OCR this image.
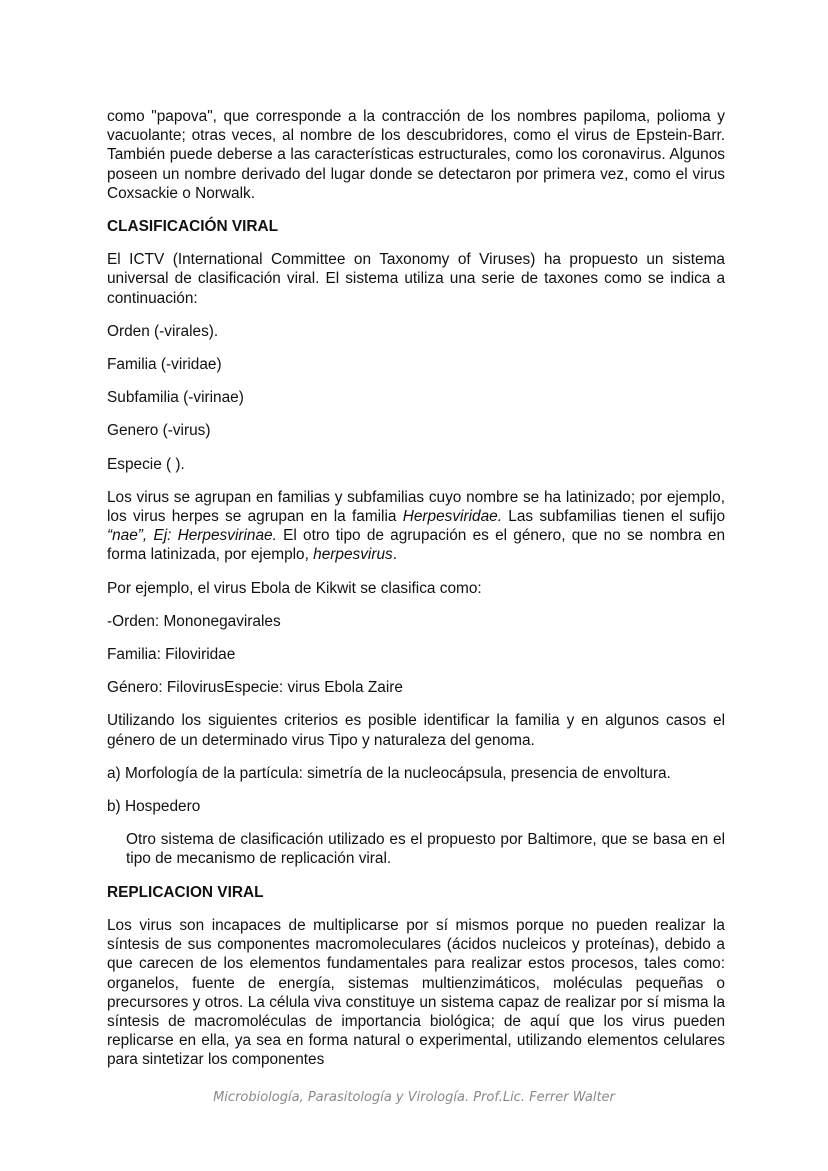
como "papova", que corresponde a la contracción de los nombres papiloma, polioma y vacuolante; otras veces, al nombre de los descubridores, como el virus de Epstein-Barr. También puede deberse a las características estructurales, como los coronavirus. Algunos poseen un nombre derivado del lugar donde se detectaron por primera vez, como el virus Coxsackie o Norwalk.

CLASIFICACIÓN VIRAL

El ICTV (International Committee on Taxonomy of Viruses) ha propuesto un sistema universal de clasificación viral. El sistema utiliza una serie de taxones como se indica a continuación:

Orden (-virales).

Familia (-viridae)

Subfamilia (-virinae)

Genero (-virus)

Especie ( ).

Los virus se agrupan en familias y subfamilias cuyo nombre se ha latinizado; por ejemplo, los virus herpes se agrupan en la familia Herpesviridae. Las subfamilias tienen el sufijo “nae”, Ej: Herpesvirinae. El otro tipo de agrupación es el género, que no se nombra en forma latinizada, por ejemplo, herpesvirus.

Por ejemplo, el virus Ebola de Kikwit se clasifica como:

-Orden: Mononegavirales

Familia: Filoviridae

Género: FilovirusEspecie: virus Ebola Zaire

Utilizando los siguientes criterios es posible identificar la familia y en algunos casos el género de un determinado virus Tipo y naturaleza del genoma.

a) Morfología de la partícula: simetría de la nucleocápsula, presencia de envoltura.

b) Hospedero

Otro sistema de clasificación utilizado es el propuesto por Baltimore, que se basa en el tipo de mecanismo de replicación viral.

REPLICACION VIRAL

Los virus son incapaces de multiplicarse por sí mismos porque no pueden realizar la síntesis de sus componentes macromoleculares (ácidos nucleicos y proteínas), debido a que carecen de los elementos fundamentales para realizar estos procesos, tales como: organelos, fuente de energía, sistemas multienzimáticos, moléculas pequeñas o precursores y otros. La célula viva constituye un sistema capaz de realizar por sí misma la síntesis de macromoléculas de importancia biológica; de aquí que los virus pueden replicarse en ella, ya sea en forma natural o experimental, utilizando elementos celulares para sintetizar los componentes

Microbiología, Parasitología y Virología. Prof.Lic. Ferrer Walter
